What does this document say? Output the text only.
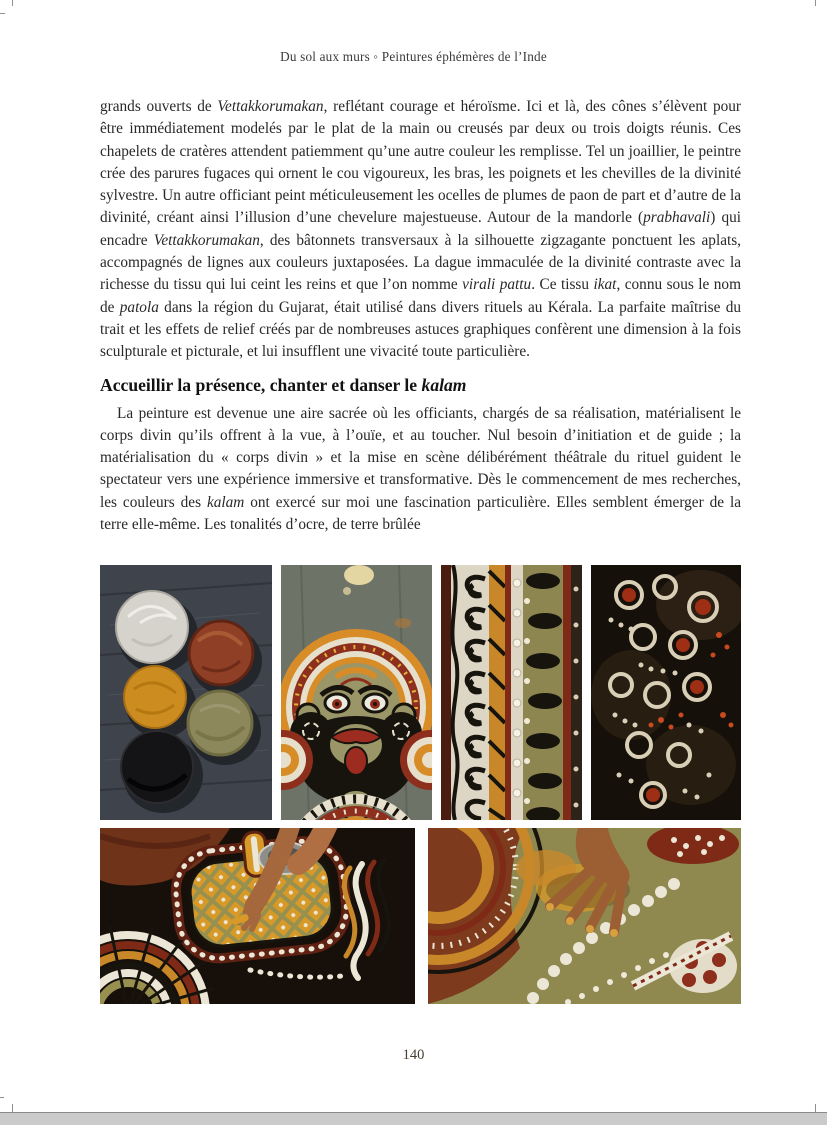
Du sol aux murs ◦ Peintures éphémères de l’Inde

grands ouverts de Vettakkorumakan, reflétant courage et héroïsme. Ici et là, des cônes s’élèvent pour être immédiatement modelés par le plat de la main ou creusés par deux ou trois doigts réunis. Ces chapelets de cratères attendent patiemment qu’une autre couleur les remplisse. Tel un joaillier, le peintre crée des parures fugaces qui ornent le cou vigoureux, les bras, les poignets et les chevilles de la divinité sylvestre. Un autre officiant peint méticuleusement les ocelles de plumes de paon de part et d’autre de la divinité, créant ainsi l’illusion d’une chevelure majestueuse. Autour de la mandorle (prabhavali) qui encadre Vettakkorumakan, des bâtonnets transversaux à la silhouette zigzagante ponctuent les aplats, accompagnés de lignes aux couleurs juxtaposées. La dague immaculée de la divinité contraste avec la richesse du tissu qui lui ceint les reins et que l’on nomme virali pattu. Ce tissu ikat, connu sous le nom de patola dans la région du Gujarat, était utilisé dans divers rituels au Kérala. La parfaite maîtrise du trait et les effets de relief créés par de nombreuses astuces graphiques confèrent une dimension à la fois sculpturale et picturale, et lui insufflent une vivacité toute particulière.

Accueillir la présence, chanter et danser le kalam

La peinture est devenue une aire sacrée où les officiants, chargés de sa réalisation, matérialisent le corps divin qu’ils offrent à la vue, à l’ouïe, et au toucher. Nul besoin d’initiation et de guide ; la matérialisation du « corps divin » et la mise en scène délibérément théâtrale du rituel guident le spectateur vers une expérience immersive et transformative. Dès le commencement de mes recherches, les couleurs des kalam ont exercé sur moi une fascination particulière. Elles semblent émerger de la terre elle-même. Les tonalités d’ocre, de terre brûlée

140
